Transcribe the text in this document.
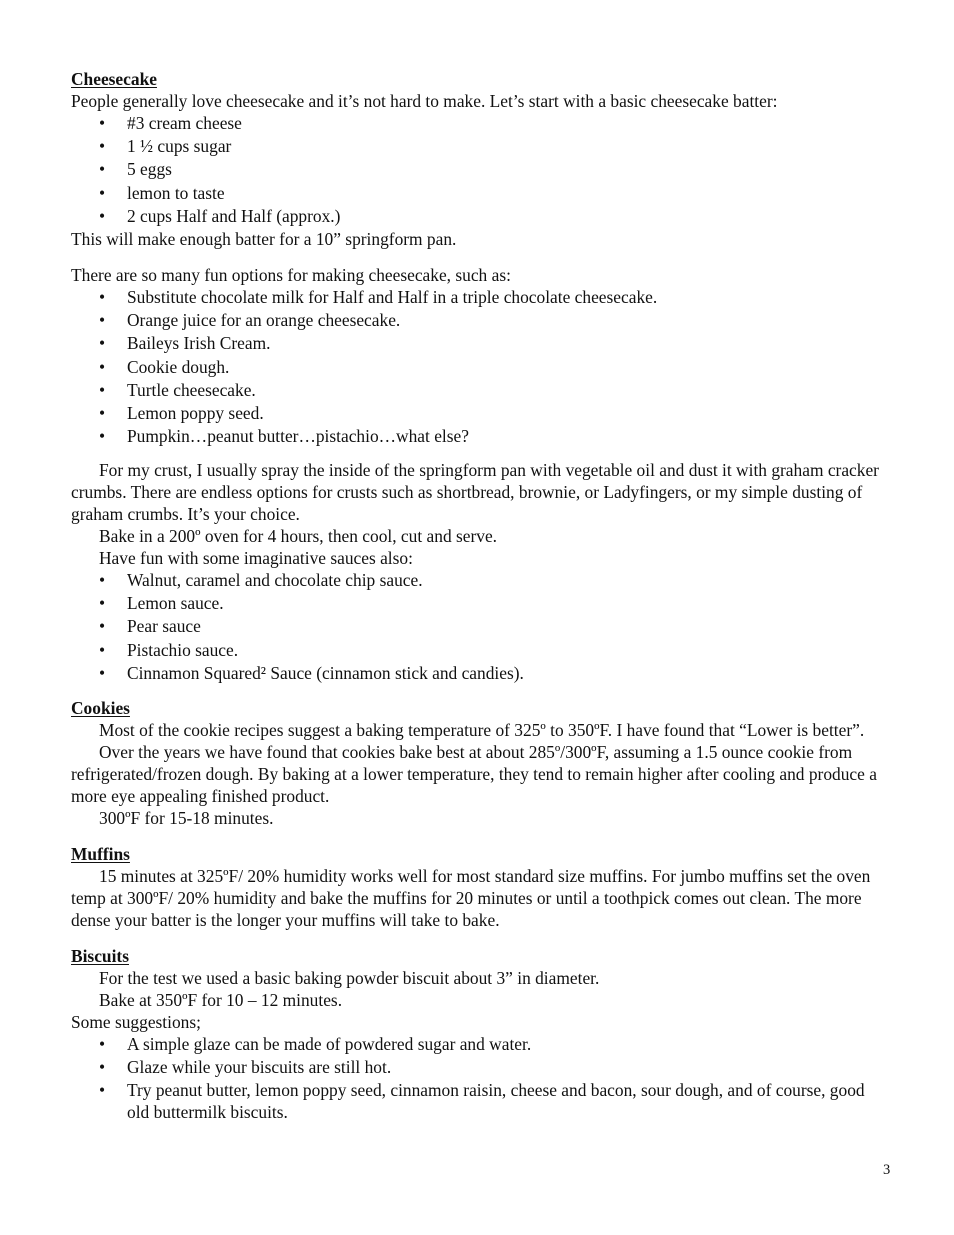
Cheesecake

People generally love cheesecake and it’s not hard to make. Let’s start with a basic cheesecake batter:

• #3 cream cheese
• 1 ½ cups sugar
• 5 eggs
• lemon to taste
• 2 cups Half and Half (approx.)

This will make enough batter for a 10” springform pan.

There are so many fun options for making cheesecake, such as:

• Substitute chocolate milk for Half and Half in a triple chocolate cheesecake.
• Orange juice for an orange cheesecake.
• Baileys Irish Cream.
• Cookie dough.
• Turtle cheesecake.
• Lemon poppy seed.
• Pumpkin…peanut butter…pistachio…what else?

For my crust, I usually spray the inside of the springform pan with vegetable oil and dust it with graham cracker crumbs. There are endless options for crusts such as shortbread, brownie, or Ladyfingers, or my simple dusting of graham crumbs. It’s your choice.

Bake in a 200º oven for 4 hours, then cool, cut and serve.

Have fun with some imaginative sauces also:

• Walnut, caramel and chocolate chip sauce.
• Lemon sauce.
• Pear sauce
• Pistachio sauce.
• Cinnamon Squared² Sauce (cinnamon stick and candies).
Cookies

Most of the cookie recipes suggest a baking temperature of 325º to 350ºF. I have found that “Lower is better”.

Over the years we have found that cookies bake best at about 285º/300ºF, assuming a 1.5 ounce cookie from refrigerated/frozen dough. By baking at a lower temperature, they tend to remain higher after cooling and produce a more eye appealing finished product.

300ºF for 15-18 minutes.

Muffins

15 minutes at 325ºF/ 20% humidity works well for most standard size muffins. For jumbo muffins set the oven temp at 300ºF/ 20% humidity and bake the muffins for 20 minutes or until a toothpick comes out clean. The more dense your batter is the longer your muffins will take to bake.

Biscuits

For the test we used a basic baking powder biscuit about 3” in diameter.

Bake at 350ºF for 10 – 12 minutes.

Some suggestions;

• A simple glaze can be made of powdered sugar and water.
• Glaze while your biscuits are still hot.
• Try peanut butter, lemon poppy seed, cinnamon raisin, cheese and bacon, sour dough, and of course, good old buttermilk biscuits.
3
